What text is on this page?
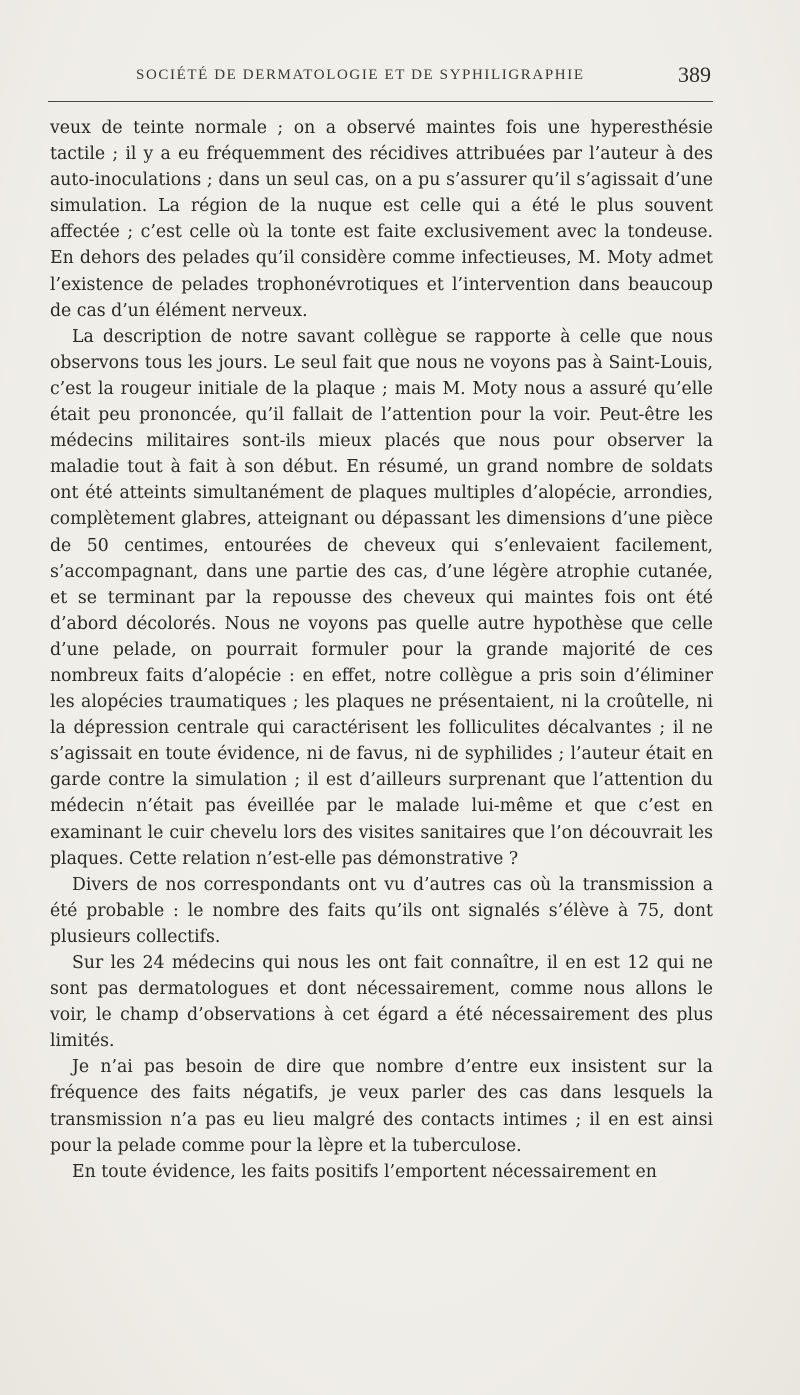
SOCIÉTÉ DE DERMATOLOGIE ET DE SYPHILIGRAPHIE	389

veux de teinte normale ; on a observé maintes fois une hyperesthésie tactile ; il y a eu fréquemment des récidives attribuées par l’auteur à des auto-inoculations ; dans un seul cas, on a pu s’assurer qu’il s’agissait d’une simulation. La région de la nuque est celle qui a été le plus souvent affectée ; c’est celle où la tonte est faite exclusivement avec la tondeuse. En dehors des pelades qu’il considère comme infectieuses, M. Moty admet l’existence de pelades trophonévrotiques et l’intervention dans beaucoup de cas d’un élément nerveux.

La description de notre savant collègue se rapporte à celle que nous observons tous les jours. Le seul fait que nous ne voyons pas à Saint-Louis, c’est la rougeur initiale de la plaque ; mais M. Moty nous a assuré qu’elle était peu prononcée, qu’il fallait de l’attention pour la voir. Peut-être les médecins militaires sont-ils mieux placés que nous pour observer la maladie tout à fait à son début. En résumé, un grand nombre de soldats ont été atteints simultanément de plaques multiples d’alopécie, arrondies, complètement glabres, atteignant ou dépassant les dimensions d’une pièce de 50 centimes, entourées de cheveux qui s’enlevaient facilement, s’accompagnant, dans une partie des cas, d’une légère atrophie cutanée, et se terminant par la repousse des cheveux qui maintes fois ont été d’abord décolorés. Nous ne voyons pas quelle autre hypothèse que celle d’une pelade, on pourrait formuler pour la grande majorité de ces nombreux faits d’alopécie : en effet, notre collègue a pris soin d’éliminer les alopécies traumatiques ; les plaques ne présentaient, ni la croûtelle, ni la dépression centrale qui caractérisent les folliculites décalvantes ; il ne s’agissait en toute évidence, ni de favus, ni de syphilides ; l’auteur était en garde contre la simulation ; il est d’ailleurs surprenant que l’attention du médecin n’était pas éveillée par le malade lui-même et que c’est en examinant le cuir chevelu lors des visites sanitaires que l’on découvrait les plaques. Cette relation n’est-elle pas démonstrative ?

Divers de nos correspondants ont vu d’autres cas où la transmission a été probable : le nombre des faits qu’ils ont signalés s’élève à 75, dont plusieurs collectifs.

Sur les 24 médecins qui nous les ont fait connaître, il en est 12 qui ne sont pas dermatologues et dont nécessairement, comme nous allons le voir, le champ d’observations à cet égard a été nécessairement des plus limités.

Je n’ai pas besoin de dire que nombre d’entre eux insistent sur la fréquence des faits négatifs, je veux parler des cas dans lesquels la transmission n’a pas eu lieu malgré des contacts intimes ; il en est ainsi pour la pelade comme pour la lèpre et la tuberculose.

En toute évidence, les faits positifs l’emportent nécessairement en
